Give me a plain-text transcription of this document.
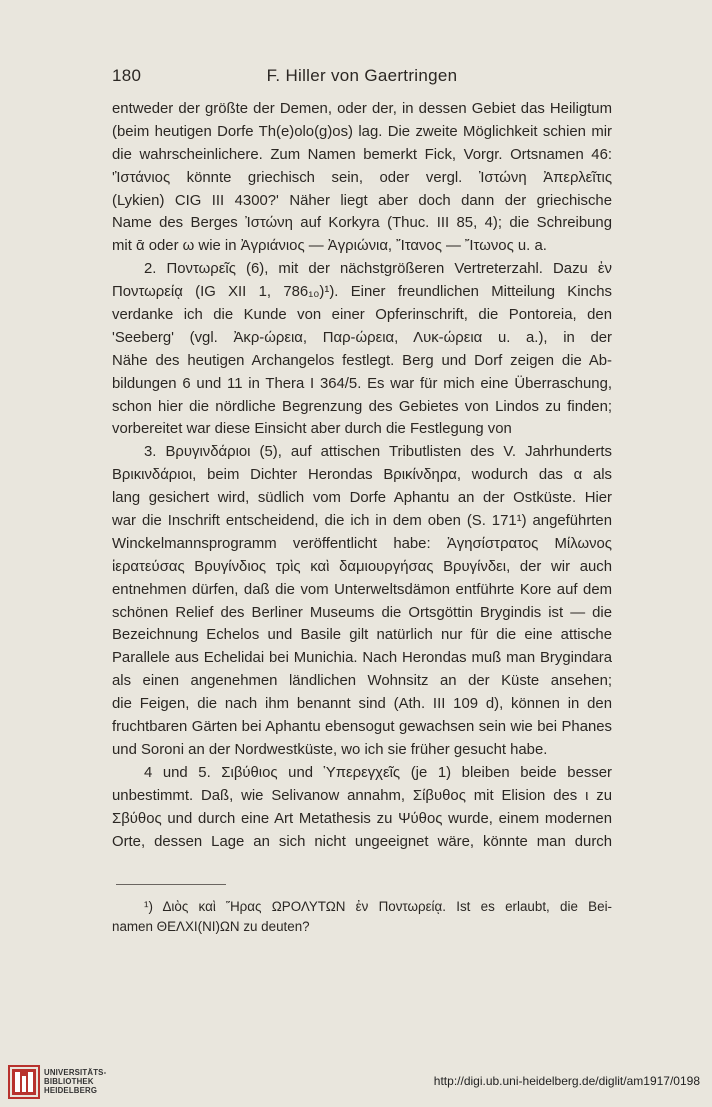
180	F. Hiller von Gaertringen
entweder der größte der Demen, oder der, in dessen Gebiet das Heiligtum
(beim heutigen Dorfe Th(e)olo(g)os) lag. Die zweite Möglichkeit schien mir
die wahrscheinlichere. Zum Namen bemerkt Fick, Vorgr. Ortsnamen 46:
'Ἰστάνιος könnte griechisch sein, oder vergl. Ἰστώνη Ἀπερλεῖτις
(Lykien) CIG III 4300?' Näher liegt aber doch dann der griechische
Name des Berges Ἰστώνη auf Korkyra (Thuc. III 85, 4); die Schreibung
mit ᾱ oder ω wie in Ἀγριάνιος — Ἀγριώνια, Ἴτανος — Ἴτωνος u. a.
2. Ποντωρεῖς (6), mit der nächstgrößeren Vertreterzahl. Dazu ἐν
Ποντωρείᾳ (IG XII 1, 786₁₀)¹). Einer freundlichen Mitteilung Kinchs
verdanke ich die Kunde von einer Opferinschrift, die Pontoreia, den
'Seeberg' (vgl. Ἀκρ-ώρεια, Παρ-ώρεια, Λυκ-ώρεια u. a.), in der
Nähe des heutigen Archangelos festlegt. Berg und Dorf zeigen die Ab-
bildungen 6 und 11 in Thera I 364/5. Es war für mich eine Überraschung,
schon hier die nördliche Begrenzung des Gebietes von Lindos zu finden;
vorbereitet war diese Einsicht aber durch die Festlegung von
3. Βρυγινδάριοι (5), auf attischen Tributlisten des V. Jahrhunderts
Βρικινδάριοι, beim Dichter Herondas Βρικίνδηρα, wodurch das α als
lang gesichert wird, südlich vom Dorfe Aphantu an der Ostküste. Hier
war die Inschrift entscheidend, die ich in dem oben (S. 171¹) angeführten
Winckelmannsprogramm veröffentlicht habe: Ἁγησίστρατος Μίλωνος
ἱερατεύσας Βρυγίνδιος τρὶς καὶ δαμιουργήσας Βρυγίνδει, der wir auch
entnehmen dürfen, daß die vom Unterweltsdämon entführte Kore auf dem
schönen Relief des Berliner Museums die Ortsgöttin Brygindis ist — die
Bezeichnung Echelos und Basile gilt natürlich nur für die eine attische
Parallele aus Echelidai bei Munichia. Nach Herondas muß man Brygindara
als einen angenehmen ländlichen Wohnsitz an der Küste ansehen;
die Feigen, die nach ihm benannt sind (Ath. III 109 d), können in den
fruchtbaren Gärten bei Aphantu ebensogut gewachsen sein wie bei Phanes
und Soroni an der Nordwestküste, wo ich sie früher gesucht habe.
4 und 5. Σιβύθιος und Ὑπερεγχεῖς (je 1) bleiben beide besser
unbestimmt. Daß, wie Selivanow annahm, Σίβυθος mit Elision des ι zu
Σβύθος und durch eine Art Metathesis zu Ψύθος wurde, einem modernen
Orte, dessen Lage an sich nicht ungeeignet wäre, könnte man durch
¹) Διὸς καὶ Ἥρας ΩΡΟΛΥΤΩΝ ἐν Ποντωρείᾳ. Ist es erlaubt, die Bei-
namen ΘΕΛΧΙ(ΝΙ)ΩΝ zu deuten?
UNIVERSITÄTS-
BIBLIOTHEK
HEIDELBERG
http://digi.ub.uni-heidelberg.de/diglit/am1917/0198
